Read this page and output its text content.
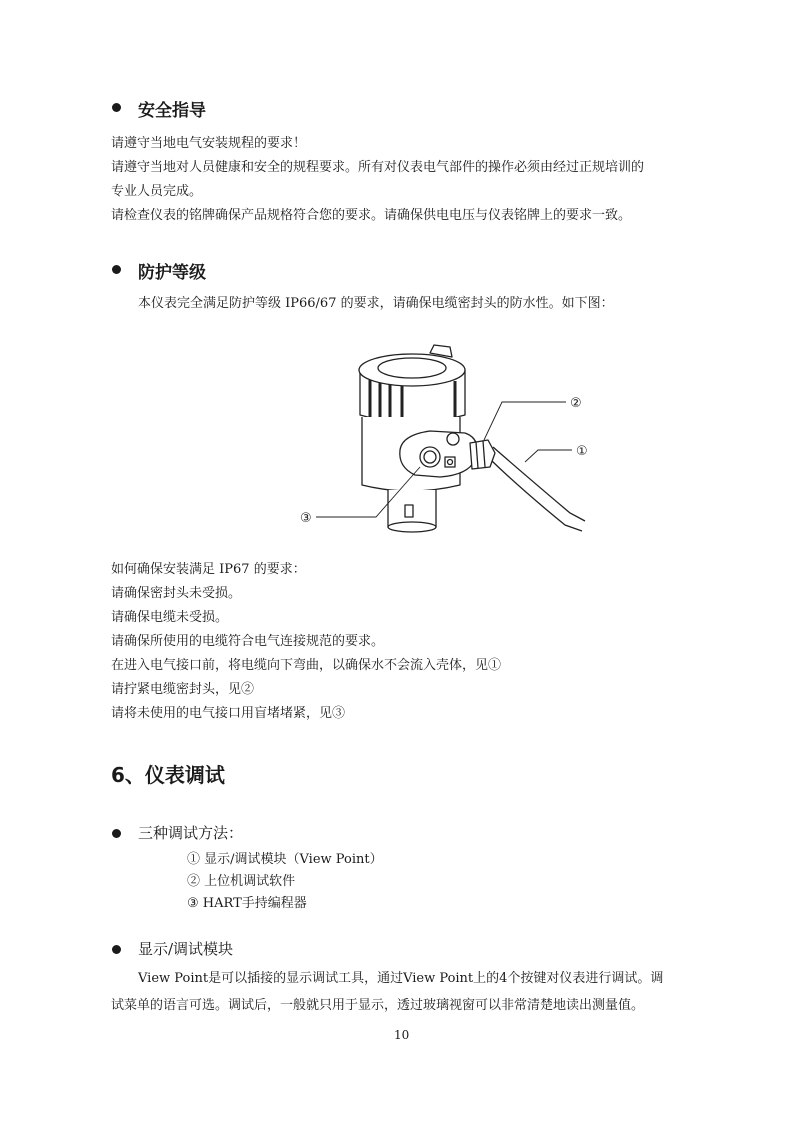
安全指导
请遵守当地电气安装规程的要求！
请遵守当地对人员健康和安全的规程要求。所有对仪表电气部件的操作必须由经过正规培训的
专业人员完成。
请检查仪表的铭牌确保产品规格符合您的要求。请确保供电电压与仪表铭牌上的要求一致。
防护等级
本仪表完全满足防护等级 IP66/67 的要求，请确保电缆密封头的防水性。如下图：
②
①
③
如何确保安装满足 IP67 的要求：
请确保密封头未受损。
请确保电缆未受损。
请确保所使用的电缆符合电气连接规范的要求。
在进入电气接口前，将电缆向下弯曲，以确保水不会流入壳体，见①
请拧紧电缆密封头，见②
请将未使用的电气接口用盲堵堵紧，见③
6、仪表调试
三种调试方法：
① 显示/调试模块（View Point）
② 上位机调试软件
③ HART手持编程器
显示/调试模块
View Point是可以插接的显示调试工具，通过View Point上的4个按键对仪表进行调试。调
试菜单的语言可选。调试后，一般就只用于显示，透过玻璃视窗可以非常清楚地读出测量值。
10
